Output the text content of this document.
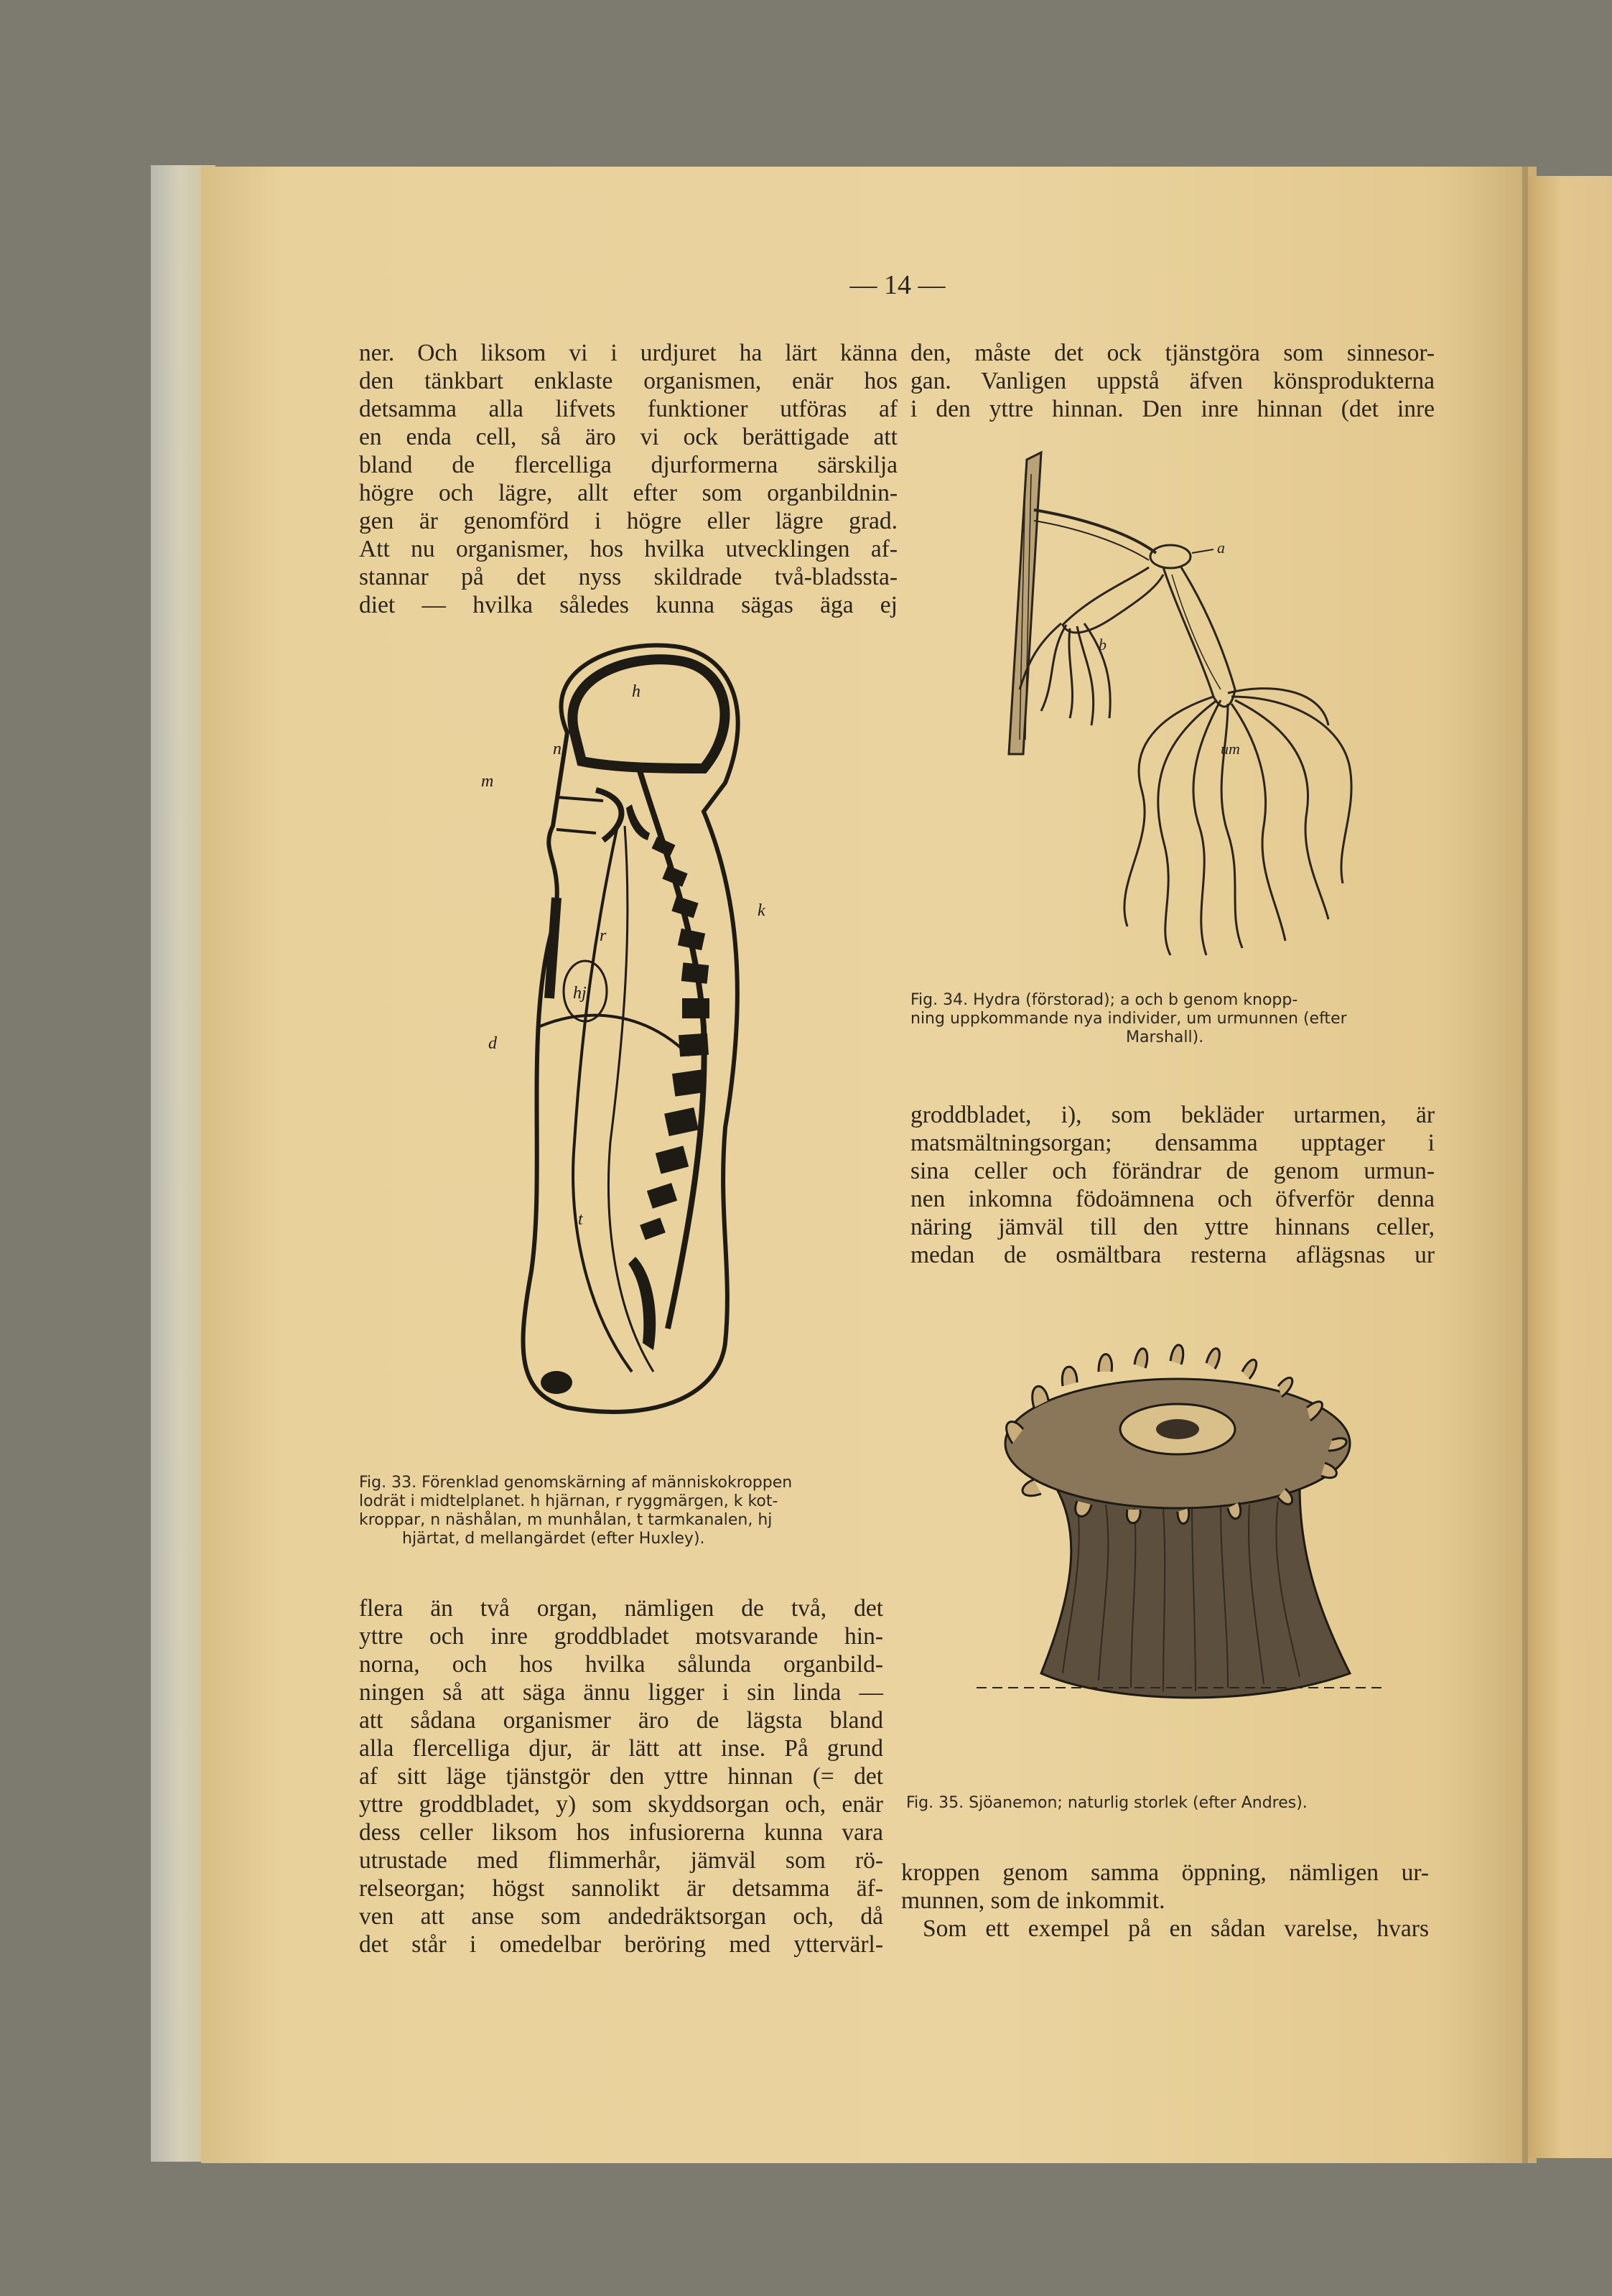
— 14 —
ner. Och liksom vi i urdjuret ha lärt känna
den tänkbart enklaste organismen, enär hos
detsamma alla lifvets funktioner utföras af
en enda cell, så äro vi ock berättigade att
bland de flercelliga djurformerna särskilja
högre och lägre, allt efter som organbildnin-
gen är genomförd i högre eller lägre grad.
Att nu organismer, hos hvilka utvecklingen af-
stannar på det nyss skildrade två-bladssta-
diet — hvilka således kunna sägas äga ej
h
n
m
k
r
hj
d
t
Fig. 33. Förenklad genomskärning af människokroppen
lodrät i midtelplanet. h hjärnan, r ryggmärgen, k kot-
kroppar, n näshålan, m munhålan, t tarmkanalen, hj
hjärtat, d mellangärdet (efter Huxley).
flera än två organ, nämligen de två, det
yttre och inre groddbladet motsvarande hin-
norna, och hos hvilka sålunda organbild-
ningen så att säga ännu ligger i sin linda —
att sådana organismer äro de lägsta bland
alla flercelliga djur, är lätt att inse. På grund
af sitt läge tjänstgör den yttre hinnan (= det
yttre groddbladet, y) som skyddsorgan och, enär
dess celler liksom hos infusiorerna kunna vara
utrustade med flimmerhår, jämväl som rö-
relseorgan; högst sannolikt är detsamma äf-
ven att anse som andedräktsorgan och, då
det står i omedelbar beröring med yttervärl-
den, måste det ock tjänstgöra som sinnesor-
gan. Vanligen uppstå äfven könsprodukterna
i den yttre hinnan. Den inre hinnan (det inre
a
b
um
Fig. 34. Hydra (förstorad); a och b genom knopp-
ning uppkommande nya individer, um urmunnen (efter
Marshall).
groddbladet, i), som bekläder urtarmen, är
matsmältningsorgan; densamma upptager i
sina celler och förändrar de genom urmun-
nen inkomna födoämnena och öfverför denna
näring jämväl till den yttre hinnans celler,
medan de osmältbara resterna aflägsnas ur
Fig. 35. Sjöanemon; naturlig storlek (efter Andres).
kroppen genom samma öppning, nämligen ur-
munnen, som de inkommit.
Som ett exempel på en sådan varelse, hvars
